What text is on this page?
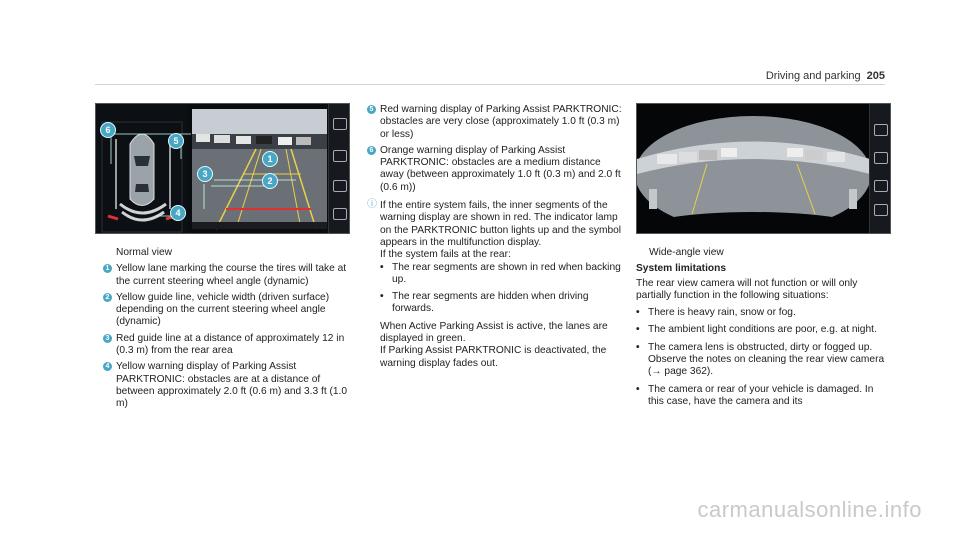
Driving and parking 205
6
5
3
1
2
4
Normal view
1 Yellow lane marking the course the tires will take at the current steering wheel angle (dynamic)
2 Yellow guide line, vehicle width (driven surface) depending on the current steering wheel angle (dynamic)
3 Red guide line at a distance of approximately 12 in (0.3 m) from the rear area
4 Yellow warning display of Parking Assist PARKTRONIC: obstacles are at a distance of between approximately 2.0 ft (0.6 m) and 3.3 ft (1.0 m)
5 Red warning display of Parking Assist PARKTRONIC: obstacles are very close (approximately 1.0 ft (0.3 m) or less)
6 Orange warning display of Parking Assist PARKTRONIC: obstacles are a medium distance away (between approximately 1.0 ft (0.3 m) and 2.0 ft (0.6 m))
ⓘ If the entire system fails, the inner segments of the warning display are shown in red. The indicator lamp on the PARKTRONIC button lights up and the symbol appears in the multifunction display.
If the system fails at the rear:
• The rear segments are shown in red when backing up.
• The rear segments are hidden when driving forwards.
When Active Parking Assist is active, the lanes are displayed in green.
If Parking Assist PARKTRONIC is deactivated, the warning display fades out.
Wide-angle view
System limitations

The rear view camera will not function or will only partially function in the following situations:

• There is heavy rain, snow or fog.
• The ambient light conditions are poor, e.g. at night.
• The camera lens is obstructed, dirty or fogged up. Observe the notes on cleaning the rear view camera (→ page 362).
• The camera or rear of your vehicle is damaged. In this case, have the camera and its
carmanualsonline.info
